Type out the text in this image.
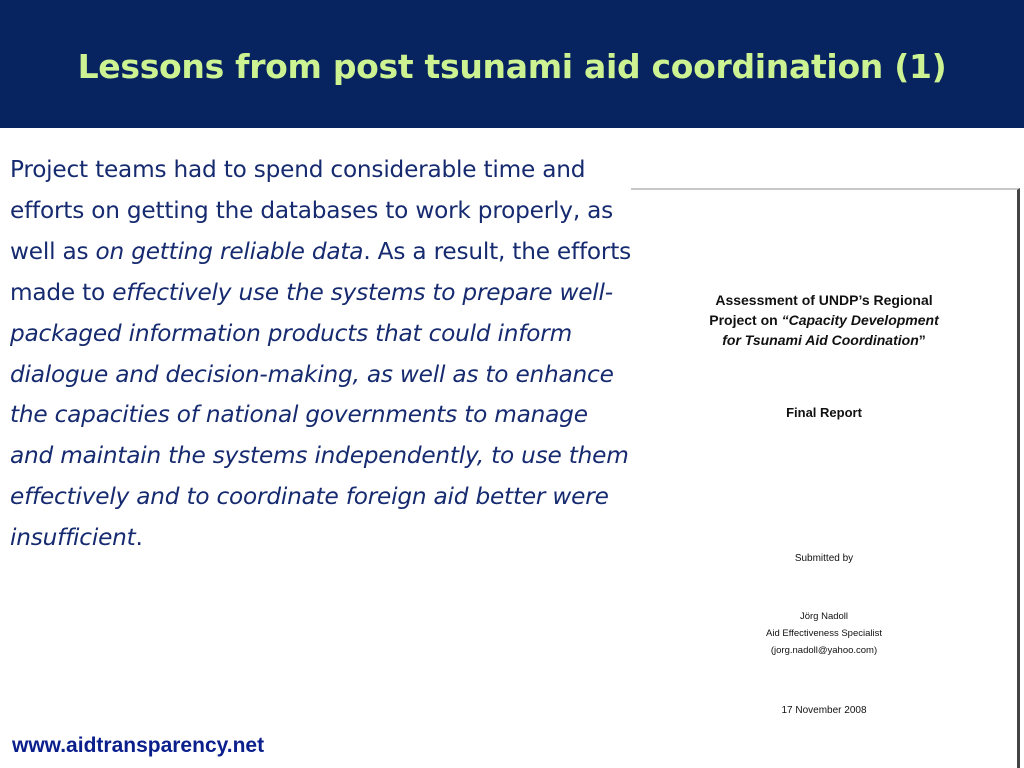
Lessons from post tsunami aid coordination (1)
Project teams had to spend considerable time and efforts on getting the databases to work properly, as well as on getting reliable data. As a result, the efforts made to effectively use the systems to prepare well-packaged information products that could inform dialogue and decision-making, as well as to enhance the capacities of national governments to manage and maintain the systems independently, to use them effectively and to coordinate foreign aid better were insufficient.
Assessment of UNDP’s Regional
Project on “Capacity Development
for Tsunami Aid Coordination”
Final Report
Submitted by
Jörg Nadoll
Aid Effectiveness Specialist
(jorg.nadoll@yahoo.com)
17 November 2008
www.aidtransparency.net
